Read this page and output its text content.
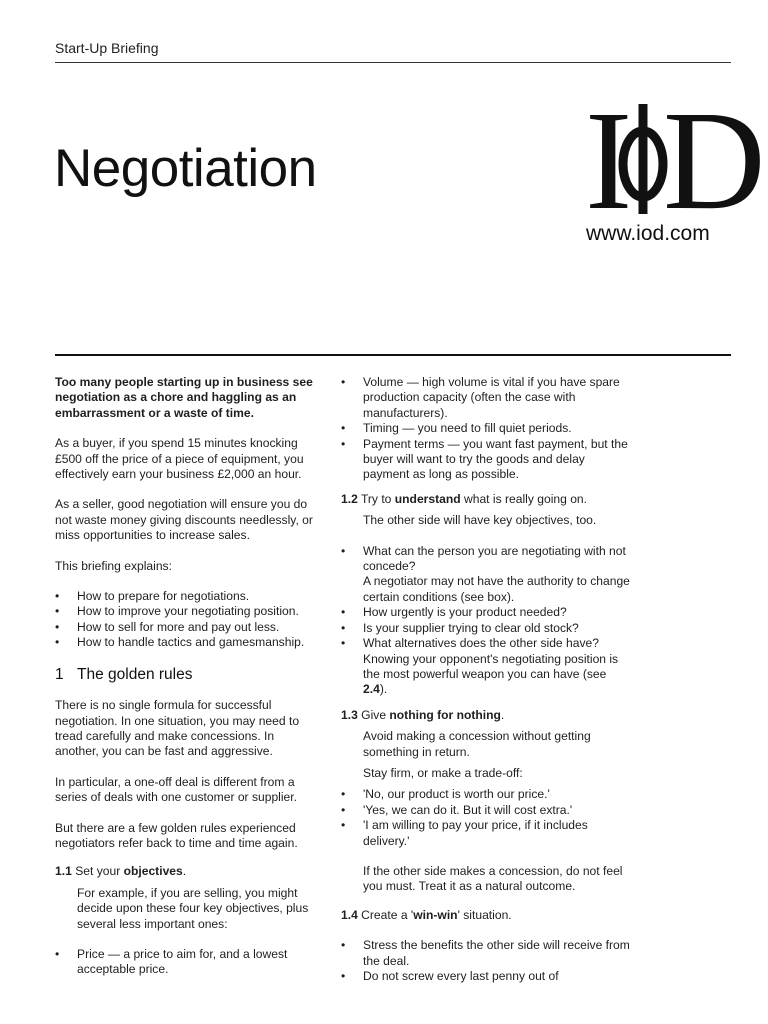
Start-Up Briefing
Negotiation I D
www.iod.com

Too many people starting up in business see negotiation as a chore and haggling as an embarrassment or a waste of time.

As a buyer, if you spend 15 minutes knocking £500 off the price of a piece of equipment, you effectively earn your business £2,000 an hour.

As a seller, good negotiation will ensure you do not waste money giving discounts needlessly, or miss opportunities to increase sales.

This briefing explains:

• How to prepare for negotiations.
• How to improve your negotiating position.
• How to sell for more and pay out less.
• How to handle tactics and gamesmanship.
1 The golden rules

There is no single formula for successful negotiation. In one situation, you may need to tread carefully and make concessions. In another, you can be fast and aggressive.

In particular, a one-off deal is different from a series of deals with one customer or supplier.

But there are a few golden rules experienced negotiators refer back to time and time again.

1.1 Set your objectives.

For example, if you are selling, you might decide upon these four key objectives, plus several less important ones:

• Price — a price to aim for, and a lowest acceptable price.
• Volume — high volume is vital if you have spare production capacity (often the case with manufacturers).
• Timing — you need to fill quiet periods.
• Payment terms — you want fast payment, but the buyer will want to try the goods and delay payment as long as possible.

1.2 Try to understand what is really going on.

The other side will have key objectives, too.

• What can the person you are negotiating with not concede?
A negotiator may not have the authority to change certain conditions (see box).
• How urgently is your product needed?
• Is your supplier trying to clear old stock?
• What alternatives does the other side have?
Knowing your opponent's negotiating position is the most powerful weapon you can have (see 2.4).

1.3 Give nothing for nothing.

Avoid making a concession without getting something in return.

Stay firm, or make a trade-off:

• 'No, our product is worth our price.'
• 'Yes, we can do it. But it will cost extra.'
• 'I am willing to pay your price, if it includes delivery.'

If the other side makes a concession, do not feel you must. Treat it as a natural outcome.

1.4 Create a 'win-win' situation.

• Stress the benefits the other side will receive from the deal.
• Do not screw every last penny out of
